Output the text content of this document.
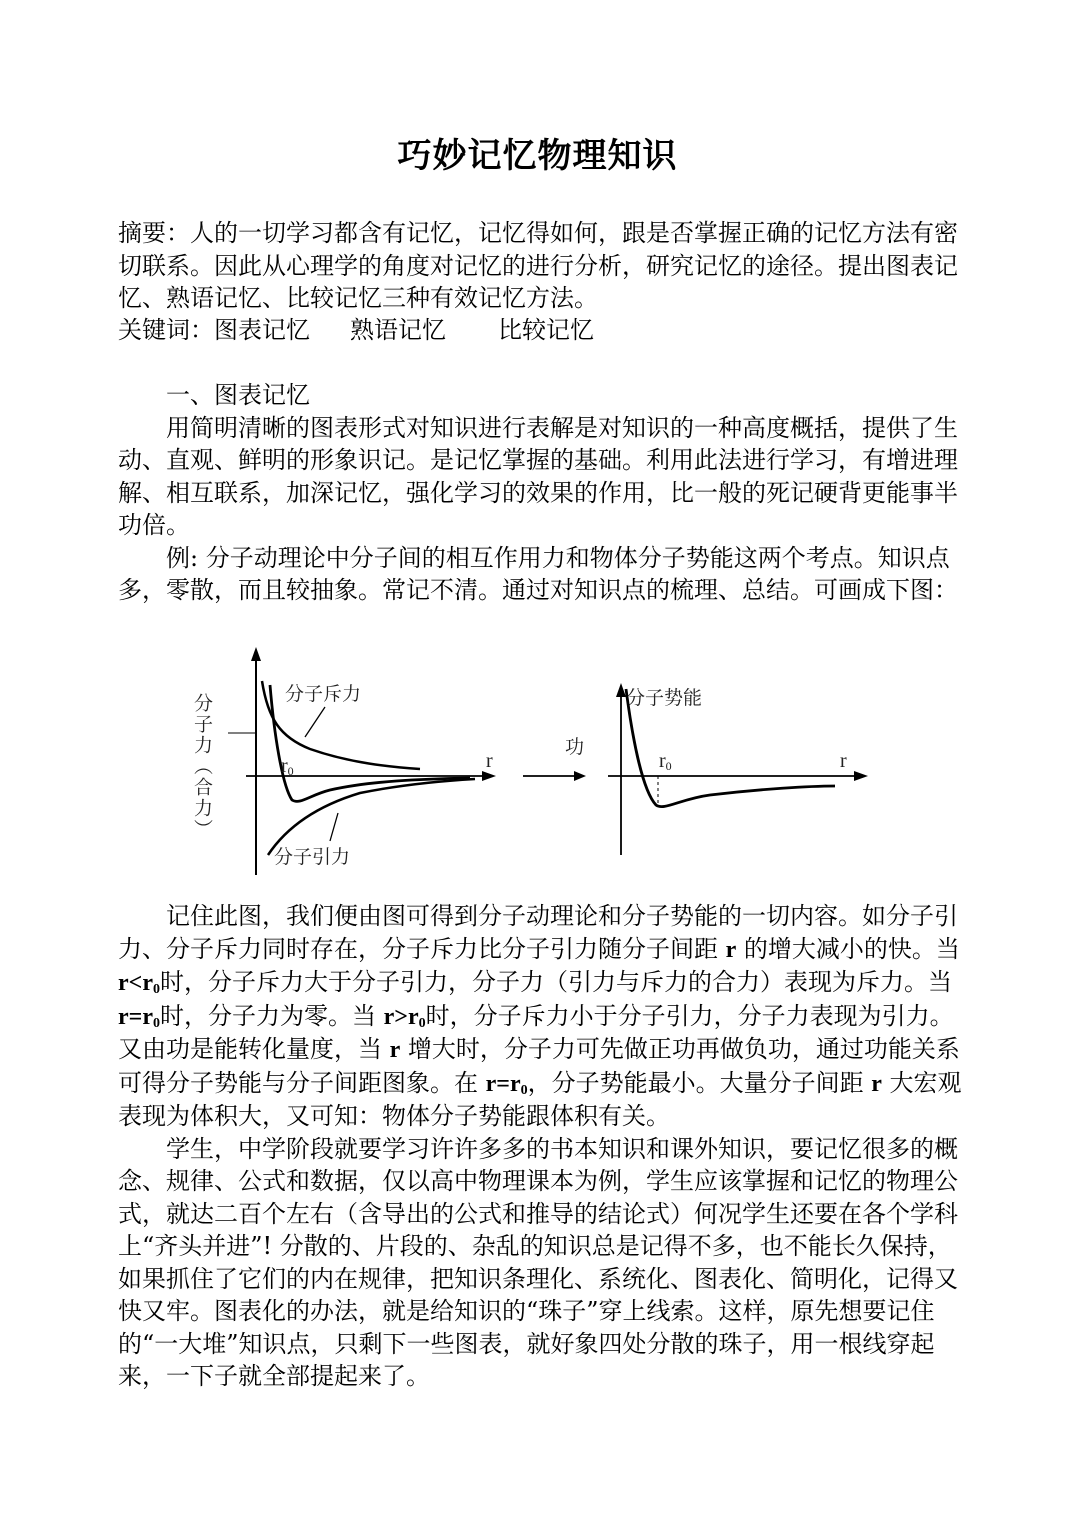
巧妙记忆物理知识
摘要：人的一切学习都含有记忆，记忆得如何，跟是否掌握正确的记忆方法有密切联系。因此从心理学的角度对记忆的进行分析，研究记忆的途径。提出图表记忆、熟语记忆、比较记忆三种有效记忆方法。
关键词：图表记忆 熟语记忆 比较记忆

一、图表记忆

用简明清晰的图表形式对知识进行表解是对知识的一种高度概括，提供了生动、直观、鲜明的形象识记。是记忆掌握的基础。利用此法进行学习，有增进理解、相互联系，加深记忆，强化学习的效果的作用，比一般的死记硬背更能事半功倍。

例: 分子动理论中分子间的相互作用力和物体分子势能这两个考点。知识点多，零散，而且较抽象。常记不清。通过对知识点的梳理、总结。可画成下图：

分子力（合力）	分子斥力
分子引力
r0	r
功
分子势能
r0	r

记住此图，我们便由图可得到分子动理论和分子势能的一切内容。如分子引力、分子斥力同时存在，分子斥力比分子引力随分子间距 r 的增大减小的快。当 $r<r_0$时，分子斥力大于分子引力，分子力（引力与斥力的合力）表现为斥力。当 $r=r_0$时，分子力为零。当 $r>r_0$时，分子斥力小于分子引力，分子力表现为引力。又由功是能转化量度，当 r 增大时，分子力可先做正功再做负功，通过功能关系可得分子势能与分子间距图象。在 $r=r_0$，分子势能最小。大量分子间距 r 大宏观表现为体积大，又可知：物体分子势能跟体积有关。

学生，中学阶段就要学习许许多多的书本知识和课外知识，要记忆很多的概念、规律、公式和数据，仅以高中物理课本为例，学生应该掌握和记忆的物理公式，就达二百个左右（含导出的公式和推导的结论式）何况学生还要在各个学科上“齐头并进”! 分散的、片段的、杂乱的知识总是记得不多，也不能长久保持，如果抓住了它们的内在规律，把知识条理化、系统化、图表化、简明化，记得又快又牢。图表化的办法，就是给知识的“珠子”穿上线索。这样，原先想要记住的“一大堆”知识点，只剩下一些图表，就好象四处分散的珠子，用一根线穿起来，一下子就全部提起来了。
